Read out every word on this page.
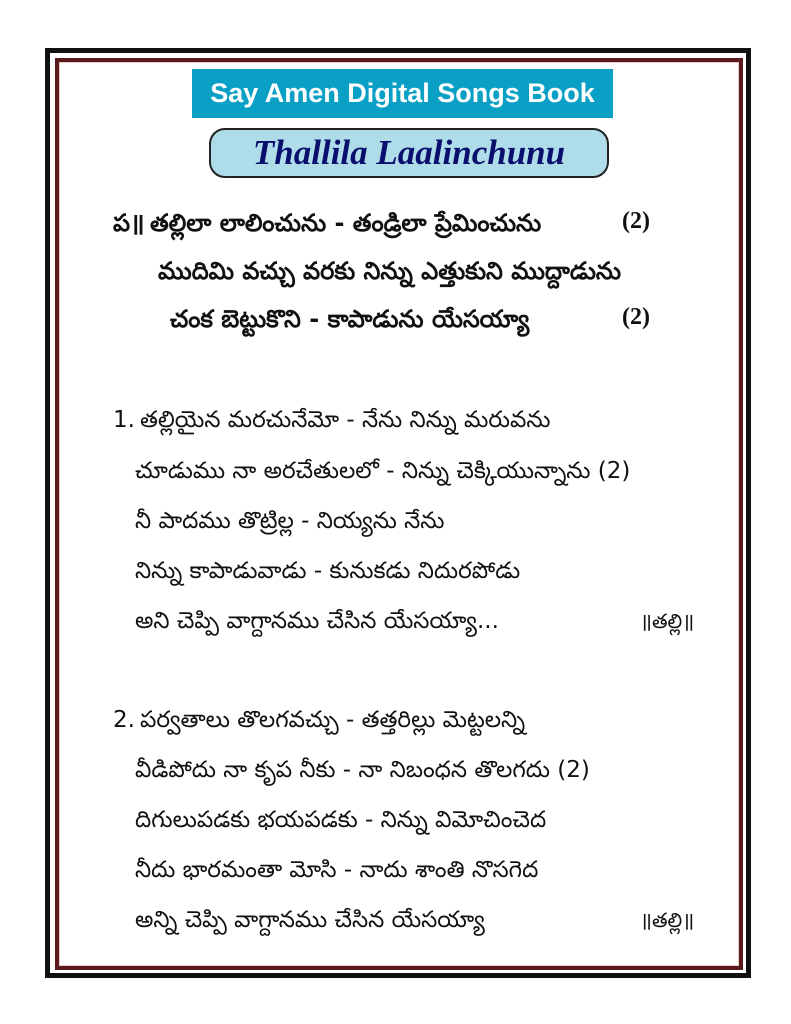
Say Amen Digital Songs Book
Thallila Laalinchunu
ప॥ తల్లిలా లాలించును - తండ్రిలా ప్రేమించును	(2)
ముదిమి వచ్చు వరకు నిన్ను ఎత్తుకుని ముద్దాడును
చంక బెట్టుకొని - కాపాడును యేసయ్యా	(2)
1. తల్లియైన మరచునేమో - నేను నిన్ను మరువను
చూడుము నా అరచేతులలో - నిన్ను చెక్కియున్నాను (2)
నీ పాదము తొట్రిల్ల - నియ్యను నేను
నిన్ను కాపాడువాడు - కునుకడు నిదురపోడు
అని చెప్పి వాగ్దానము చేసిన యేసయ్యా...	॥తల్లి॥
2. పర్వతాలు తొలగవచ్చు - తత్తరిల్లు మెట్టలన్ని
వీడిపోదు నా కృప నీకు - నా నిబంధన తొలగదు (2)
దిగులుపడకు భయపడకు - నిన్ను విమోచించెద
నీదు భారమంతా మోసి - నాదు శాంతి నొసగెద
అన్ని చెప్పి వాగ్దానము చేసిన యేసయ్యా	॥తల్లి॥
